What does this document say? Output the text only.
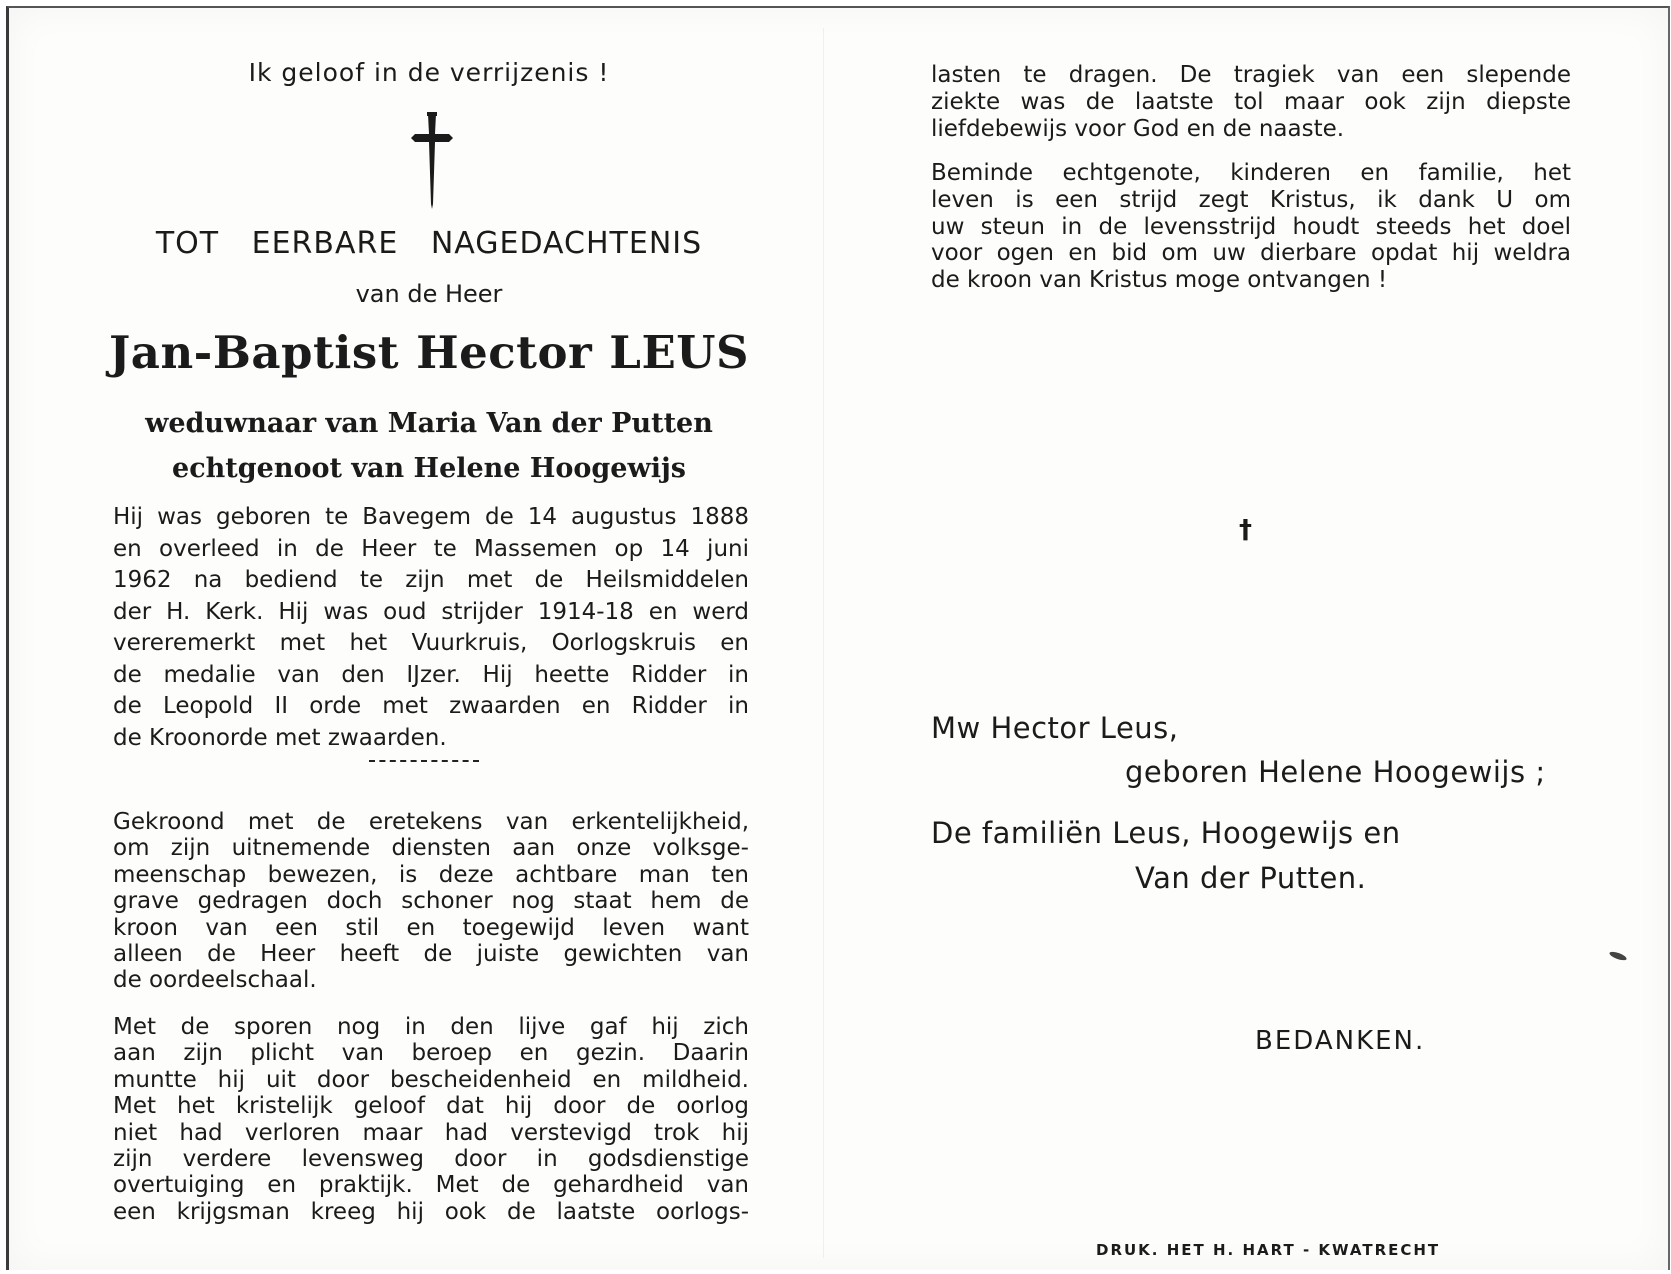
Ik geloof in de verrijzenis !
TOT EERBARE NAGEDACHTENIS
van de Heer
Jan-Baptist Hector LEUS
weduwnaar van Maria Van der Putten
echtgenoot van Helene Hoogewijs
Hij was geboren te Bavegem de 14 augustus 1888
en overleed in de Heer te Massemen op 14 juni
1962 na bediend te zijn met de Heilsmiddelen
der H. Kerk. Hij was oud strijder 1914-18 en werd
vereremerkt met het Vuurkruis, Oorlogskruis en
de medalie van den IJzer. Hij heette Ridder in
de Leopold II orde met zwaarden en Ridder in
de Kroonorde met zwaarden.
Gekroond met de eretekens van erkentelijkheid,
om zijn uitnemende diensten aan onze volksge-
meenschap bewezen, is deze achtbare man ten
grave gedragen doch schoner nog staat hem de
kroon van een stil en toegewijd leven want
alleen de Heer heeft de juiste gewichten van
de oordeelschaal.
Met de sporen nog in den lijve gaf hij zich
aan zijn plicht van beroep en gezin. Daarin
muntte hij uit door bescheidenheid en mildheid.
Met het kristelijk geloof dat hij door de oorlog
niet had verloren maar had verstevigd trok hij
zijn verdere levensweg door in godsdienstige
overtuiging en praktijk. Met de gehardheid van
een krijgsman kreeg hij ook de laatste oorlogs-
lasten te dragen. De tragiek van een slepende
ziekte was de laatste tol maar ook zijn diepste
liefdebewijs voor God en de naaste.
Beminde echtgenote, kinderen en familie, het
leven is een strijd zegt Kristus, ik dank U om
uw steun in de levensstrijd houdt steeds het doel
voor ogen en bid om uw dierbare opdat hij weldra
de kroon van Kristus moge ontvangen !
†
Mw Hector Leus,
geboren Helene Hoogewijs ;
De familiën Leus, Hoogewijs en
Van der Putten.
BEDANKEN.
DRUK. HET H. HART - KWATRECHT
